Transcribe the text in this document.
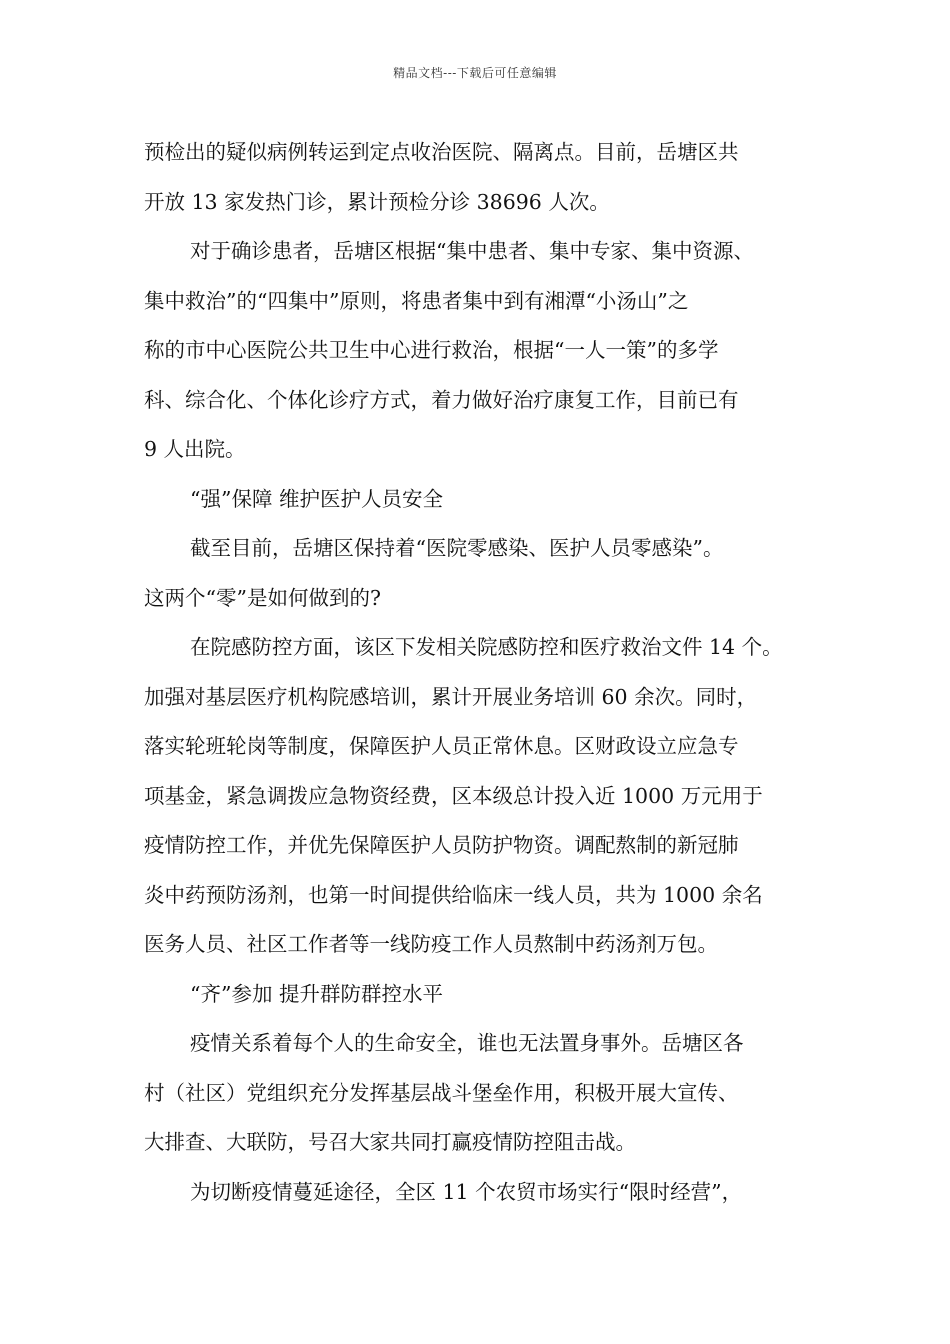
精品文档---下载后可任意编辑
预检出的疑似病例转运到定点收治医院、隔离点。目前，岳塘区共
开放 13 家发热门诊，累计预检分诊 38696 人次。
对于确诊患者，岳塘区根据“集中患者、集中专家、集中资源、
集中救治”的“四集中”原则，将患者集中到有湘潭“小汤山”之
称的市中心医院公共卫生中心进行救治，根据“一人一策”的多学
科、综合化、个体化诊疗方式，着力做好治疗康复工作，目前已有
9 人出院。
“强”保障 维护医护人员安全
截至目前，岳塘区保持着“医院零感染、医护人员零感染”。
这两个“零”是如何做到的?
在院感防控方面，该区下发相关院感防控和医疗救治文件 14 个。
加强对基层医疗机构院感培训，累计开展业务培训 60 余次。同时，
落实轮班轮岗等制度，保障医护人员正常休息。区财政设立应急专
项基金，紧急调拨应急物资经费，区本级总计投入近 1000 万元用于
疫情防控工作，并优先保障医护人员防护物资。调配熬制的新冠肺
炎中药预防汤剂，也第一时间提供给临床一线人员，共为 1000 余名
医务人员、社区工作者等一线防疫工作人员熬制中药汤剂万包。
“齐”参加 提升群防群控水平
疫情关系着每个人的生命安全，谁也无法置身事外。岳塘区各
村（社区）党组织充分发挥基层战斗堡垒作用，积极开展大宣传、
大排查、大联防，号召大家共同打赢疫情防控阻击战。
为切断疫情蔓延途径，全区 11 个农贸市场实行“限时经营”，
